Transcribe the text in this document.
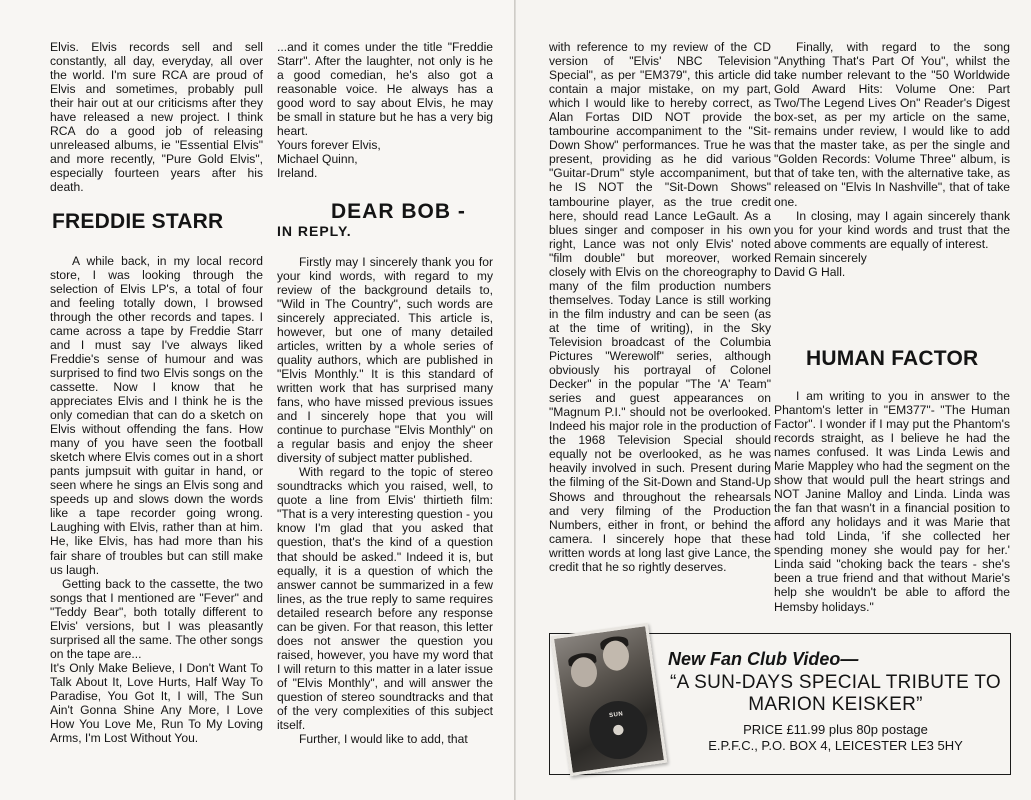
Elvis. Elvis records sell and sell constantly, all day, everyday, all over the world. I'm sure RCA are proud of Elvis and sometimes, probably pull their hair out at our criticisms after they have released a new project. I think RCA do a good job of releasing unreleased albums, ie "Essential Elvis" and more recently, "Pure Gold Elvis", especially fourteen years after his death.

FREDDIE STARR

A while back, in my local record store, I was looking through the selection of Elvis LP's, a total of four and feeling totally down, I browsed through the other records and tapes. I came across a tape by Freddie Starr and I must say I've always liked Freddie's sense of humour and was surprised to find two Elvis songs on the cassette. Now I know that he appreciates Elvis and I think he is the only comedian that can do a sketch on Elvis without offending the fans. How many of you have seen the football sketch where Elvis comes out in a short pants jumpsuit with guitar in hand, or seen where he sings an Elvis song and speeds up and slows down the words like a tape recorder going wrong. Laughing with Elvis, rather than at him. He, like Elvis, has had more than his fair share of troubles but can still make us laugh.

Getting back to the cassette, the two songs that I mentioned are "Fever" and "Teddy Bear", both totally different to Elvis' versions, but I was pleasantly surprised all the same. The other songs on the tape are...

It's Only Make Believe, I Don't Want To Talk About It, Love Hurts, Half Way To Paradise, You Got It, I will, The Sun Ain't Gonna Shine Any More, I Love How You Love Me, Run To My Loving Arms, I'm Lost Without You.

...and it comes under the title "Freddie Starr". After the laughter, not only is he a good comedian, he's also got a reasonable voice. He always has a good word to say about Elvis, he may be small in stature but he has a very big heart.

Yours forever Elvis,

Michael Quinn,

Ireland.

DEAR BOB -
IN REPLY.

Firstly may I sincerely thank you for your kind words, with regard to my review of the background details to, "Wild in The Country", such words are sincerely appreciated. This article is, however, but one of many detailed articles, written by a whole series of quality authors, which are published in "Elvis Monthly." It is this standard of written work that has surprised many fans, who have missed previous issues and I sincerely hope that you will continue to purchase "Elvis Monthly" on a regular basis and enjoy the sheer diversity of subject matter published.

With regard to the topic of stereo soundtracks which you raised, well, to quote a line from Elvis' thirtieth film: "That is a very interesting question - you know I'm glad that you asked that question, that's the kind of a question that should be asked." Indeed it is, but equally, it is a question of which the answer cannot be summarized in a few lines, as the true reply to same requires detailed research before any response can be given. For that reason, this letter does not answer the question you raised, however, you have my word that I will return to this matter in a later issue of "Elvis Monthly", and will answer the question of stereo soundtracks and that of the very complexities of this subject itself.

Further, I would like to add, that

with reference to my review of the CD version of "Elvis' NBC Television Special", as per "EM379", this article did contain a major mistake, on my part, which I would like to hereby correct, as Alan Fortas DID NOT provide the tambourine accompaniment to the "Sit-Down Show" performances. True he was present, providing as he did various "Guitar-Drum" style accompaniment, but he IS NOT the "Sit-Down Shows" tambourine player, as the true credit here, should read Lance LeGault. As a blues singer and composer in his own right, Lance was not only Elvis' noted "film double" but moreover, worked closely with Elvis on the choreography to many of the film production numbers themselves. Today Lance is still working in the film industry and can be seen (as at the time of writing), in the Sky Television broadcast of the Columbia Pictures "Werewolf" series, although obviously his portrayal of Colonel Decker" in the popular "The 'A' Team" series and guest appearances on "Magnum P.I." should not be overlooked. Indeed his major role in the production of the 1968 Television Special should equally not be overlooked, as he was heavily involved in such. Present during the filming of the Sit-Down and Stand-Up Shows and throughout the rehearsals and very filming of the Production Numbers, either in front, or behind the camera. I sincerely hope that these written words at long last give Lance, the credit that he so rightly deserves.

Finally, with regard to the song "Anything That's Part Of You", whilst the take number relevant to the "50 Worldwide Gold Award Hits: Volume One: Part Two/The Legend Lives On" Reader's Digest box-set, as per my article on the same, remains under review, I would like to add that the master take, as per the single and "Golden Records: Volume Three" album, is that of take ten, with the alternative take, as released on "Elvis In Nashville", that of take one.

In closing, may I again sincerely thank you for your kind words and trust that the above comments are equally of interest.

Remain sincerely

David G Hall.

HUMAN FACTOR

I am writing to you in answer to the Phantom's letter in "EM377"- "The Human Factor". I wonder if I may put the Phantom's records straight, as I believe he had the names confused. It was Linda Lewis and Marie Mappley who had the segment on the show that would pull the heart strings and NOT Janine Malloy and Linda. Linda was the fan that wasn't in a financial position to afford any holidays and it was Marie that had told Linda, 'if she collected her spending money she would pay for her.' Linda said "choking back the tears - she's been a true friend and that without Marie's help she wouldn't be able to afford the Hemsby holidays."

SUN
New Fan Club Video—
“A SUN-DAYS SPECIAL TRIBUTE TO MARION KEISKER”
PRICE £11.99 plus 80p postage
E.P.F.C., P.O. BOX 4, LEICESTER LE3 5HY
